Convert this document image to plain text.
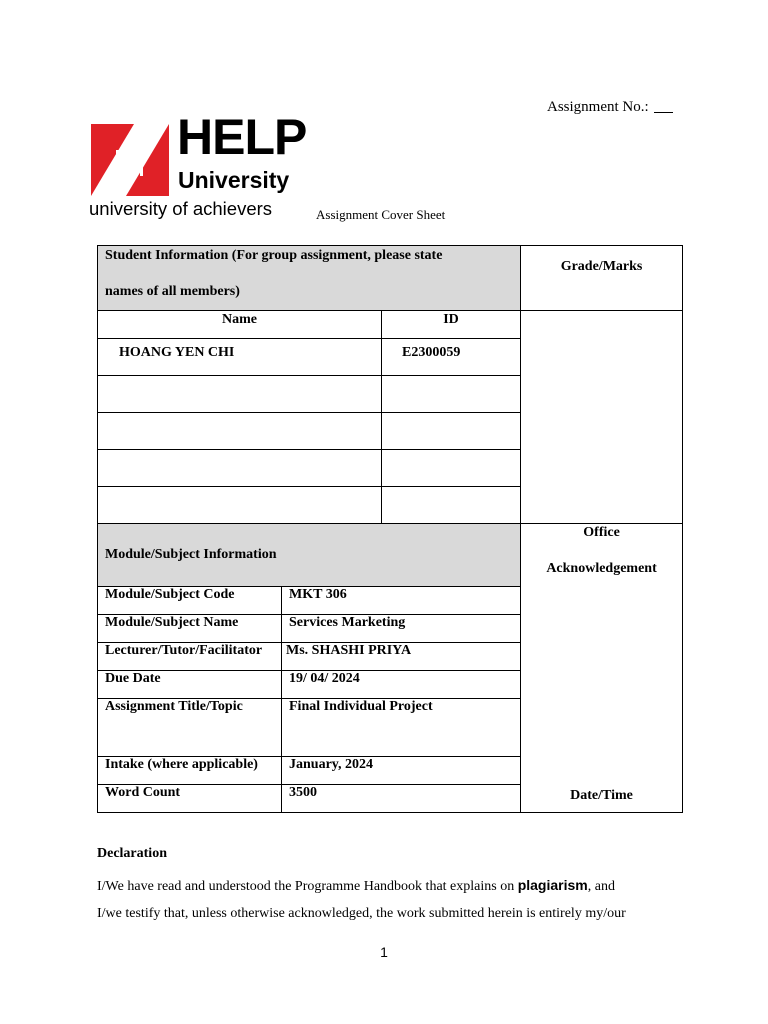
Assignment No.:
HELP
University
university of achievers	Assignment Cover Sheet
Student Information (For group assignment, please state
names of all members)			Grade/Marks
Name		ID	
HOANG YEN CHI		E2300059	

Module/Subject Information			Office
Acknowledgement
Date/Time

Module/Subject Code	MKT 306		
Module/Subject Name	Services Marketing		
Lecturer/Tutor/Facilitator	Ms. SHASHI PRIYA		
Due Date	19/ 04/ 2024		
Assignment Title/Topic	Final Individual Project		
Intake (where applicable)	January, 2024		
Word Count	3500		
Declaration
I/We have read and understood the Programme Handbook that explains on plagiarism, and
I/we testify that, unless otherwise acknowledged, the work submitted herein is entirely my/our
1
